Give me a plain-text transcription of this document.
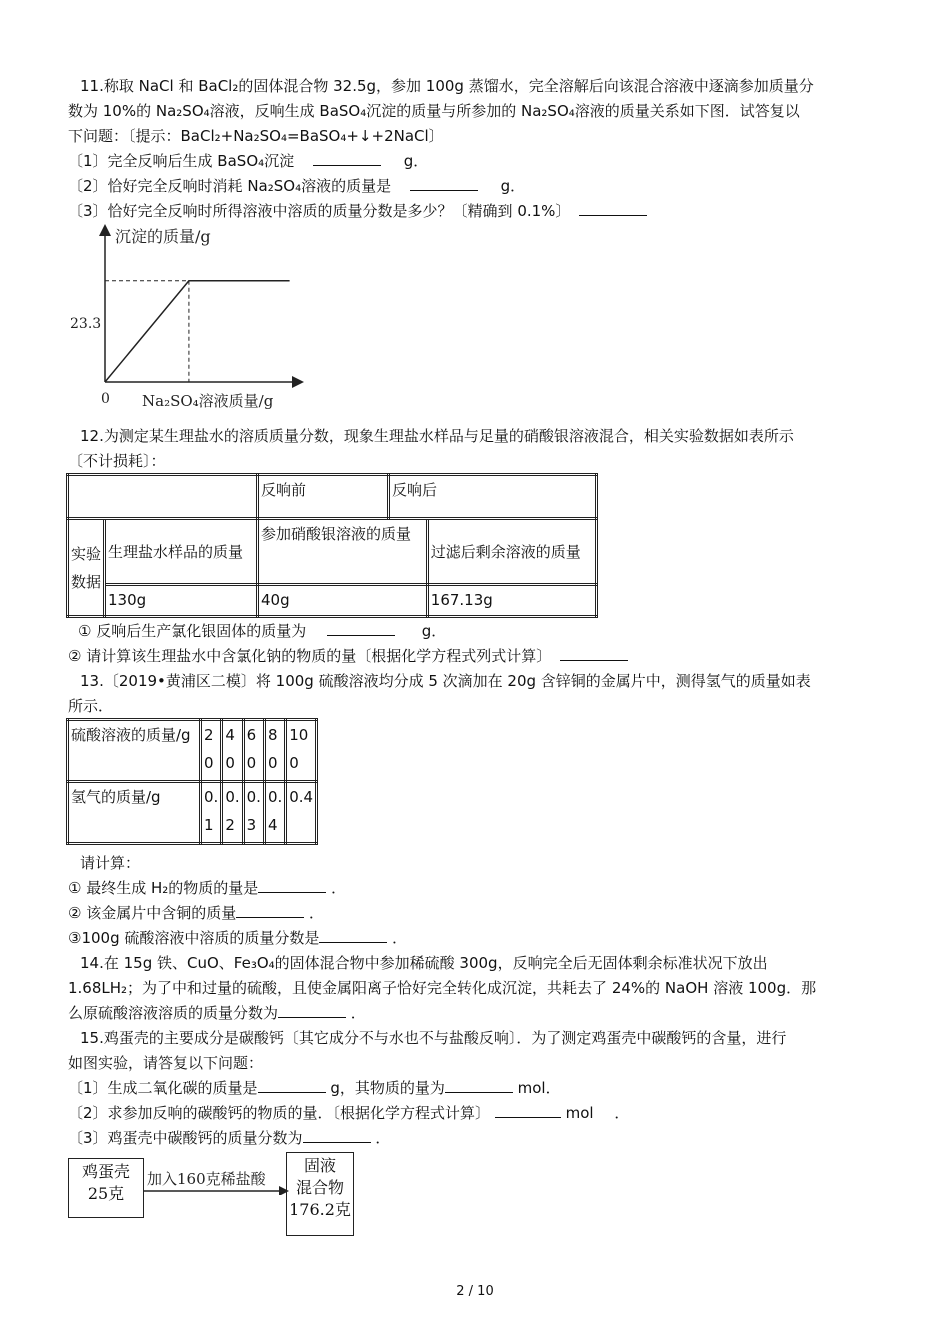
11.称取 NaCl 和 BaCl₂的固体混合物 32.5g，参加 100g 蒸馏水，完全溶解后向该混合溶液中逐滴参加质量分
数为 10%的 Na₂SO₄溶液，反响生成 BaSO₄沉淀的质量与所参加的 Na₂SO₄溶液的质量关系如下图．试答复以
下问题：〔提示：BaCl₂+Na₂SO₄=BaSO₄+↓+2NaCl〕
〔1〕完全反响后生成 BaSO₄沉淀	g．
〔2〕恰好完全反响时消耗 Na₂SO₄溶液的质量是	g．
〔3〕恰好完全反响时所得溶液中溶质的质量分数是多少？〔精确到 0.1%〕
沉淀的质量/g
Na₂SO₄溶液质量/g
0
23.3
12.为测定某生理盐水的溶质质量分数，现象生理盐水样品与足量的硝酸银溶液混合，相关实验数据如表所示
〔不计损耗〕：
		反响前	反响后	
实验数据	生理盐水样品的质量	参加硝酸银溶液的质量		过滤后剩余溶液的质量
	130g	40g		167.13g
① 反响后生产氯化银固体的质量为	g．
② 请计算该生理盐水中含氯化钠的物质的量〔根据化学方程式列式计算〕
13.〔2019•黄浦区二模〕将 100g 硫酸溶液均分成 5 次滴加在 20g 含锌铜的金属片中，测得氢气的质量如表
所示．
硫酸溶液的质量/g	20	40	60	80	100
氢气的质量/g	0.1	0.2	0.3	0.4	0.4
请计算：
① 最终生成 H₂的物质的量是	．
② 该金属片中含铜的质量	．
③100g 硫酸溶液中溶质的质量分数是	．
14.在 15g 铁、CuO、Fe₃O₄的固体混合物中参加稀硫酸 300g，反响完全后无固体剩余标准状况下放出
1.68LH₂；为了中和过量的硫酸，且使金属阳离子恰好完全转化成沉淀，共耗去了 24%的 NaOH 溶液 100g．那
么原硫酸溶液溶质的质量分数为	．
15.鸡蛋壳的主要成分是碳酸钙〔其它成分不与水也不与盐酸反响〕．为了测定鸡蛋壳中碳酸钙的含量，进行
如图实验，请答复以下问题：
〔1〕生成二氧化碳的质量是	g，其物质的量为	mol．
〔2〕求参加反响的碳酸钙的物质的量．〔根据化学方程式计算〕	mol ．
〔3〕鸡蛋壳中碳酸钙的质量分数为	．
鸡蛋壳
25克
加入160克稀盐酸
固液
混合物
176.2克
2 / 10
